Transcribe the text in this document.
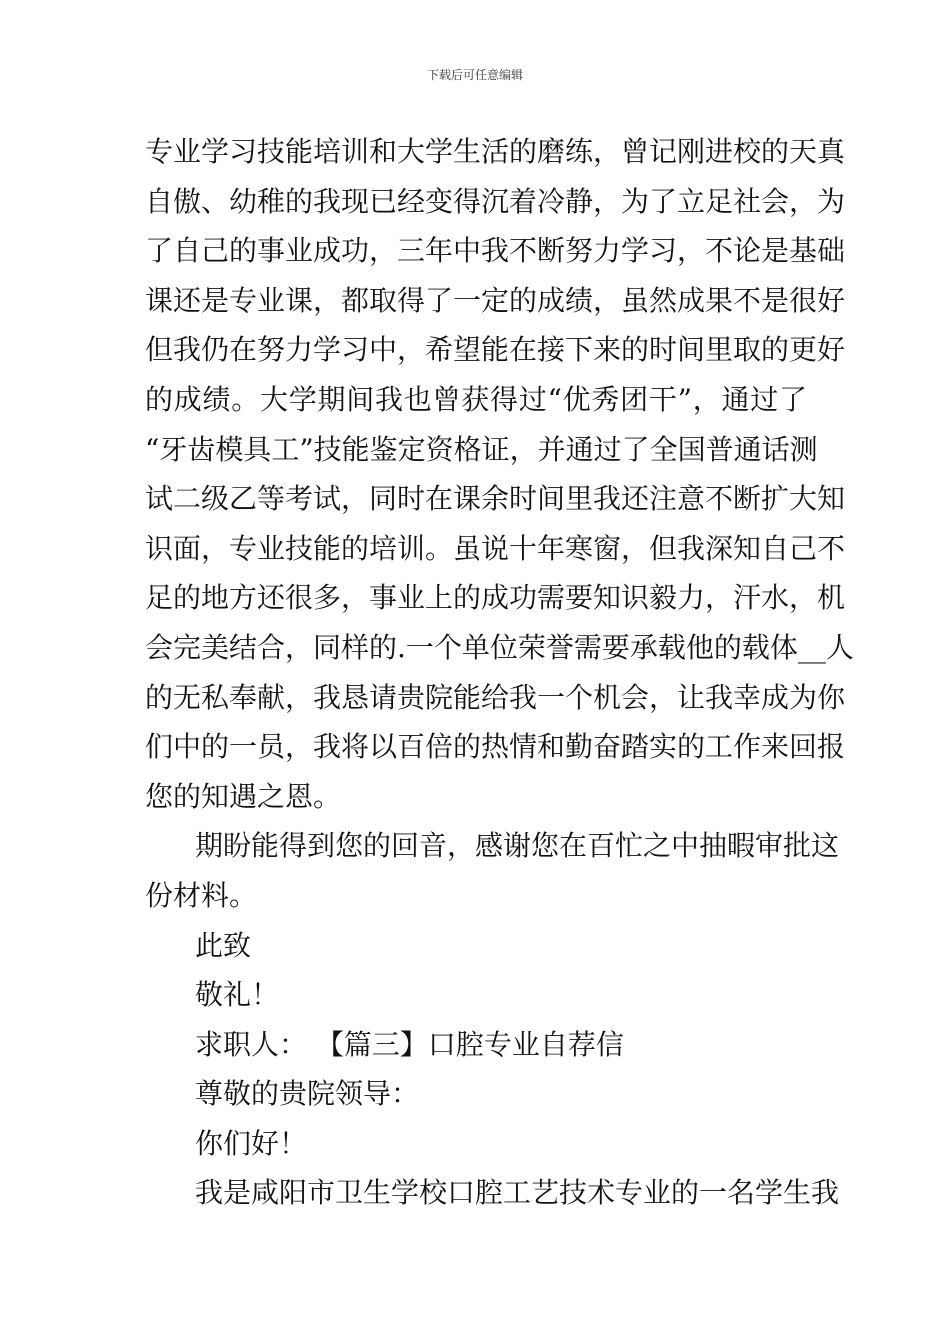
下载后可任意编辑
专业学习技能培训和大学生活的磨练，曾记刚进校的天真
自傲、幼稚的我现已经变得沉着冷静，为了立足社会，为
了自己的事业成功，三年中我不断努力学习，不论是基础
课还是专业课，都取得了一定的成绩，虽然成果不是很好
但我仍在努力学习中，希望能在接下来的时间里取的更好
的成绩。大学期间我也曾获得过“优秀团干”，通过了
“牙齿模具工”技能鉴定资格证，并通过了全国普通话测
试二级乙等考试，同时在课余时间里我还注意不断扩大知
识面，专业技能的培训。虽说十年寒窗，但我深知自己不
足的地方还很多，事业上的成功需要知识毅力，汗水，机
会完美结合，同样的.一个单位荣誉需要承载他的载体__人
的无私奉献，我恳请贵院能给我一个机会，让我幸成为你
们中的一员，我将以百倍的热情和勤奋踏实的工作来回报
您的知遇之恩。
期盼能得到您的回音，感谢您在百忙之中抽暇审批这
份材料。
此致
敬礼！
求职人： 【篇三】口腔专业自荐信
尊敬的贵院领导：
你们好！
我是咸阳市卫生学校口腔工艺技术专业的一名学生我
